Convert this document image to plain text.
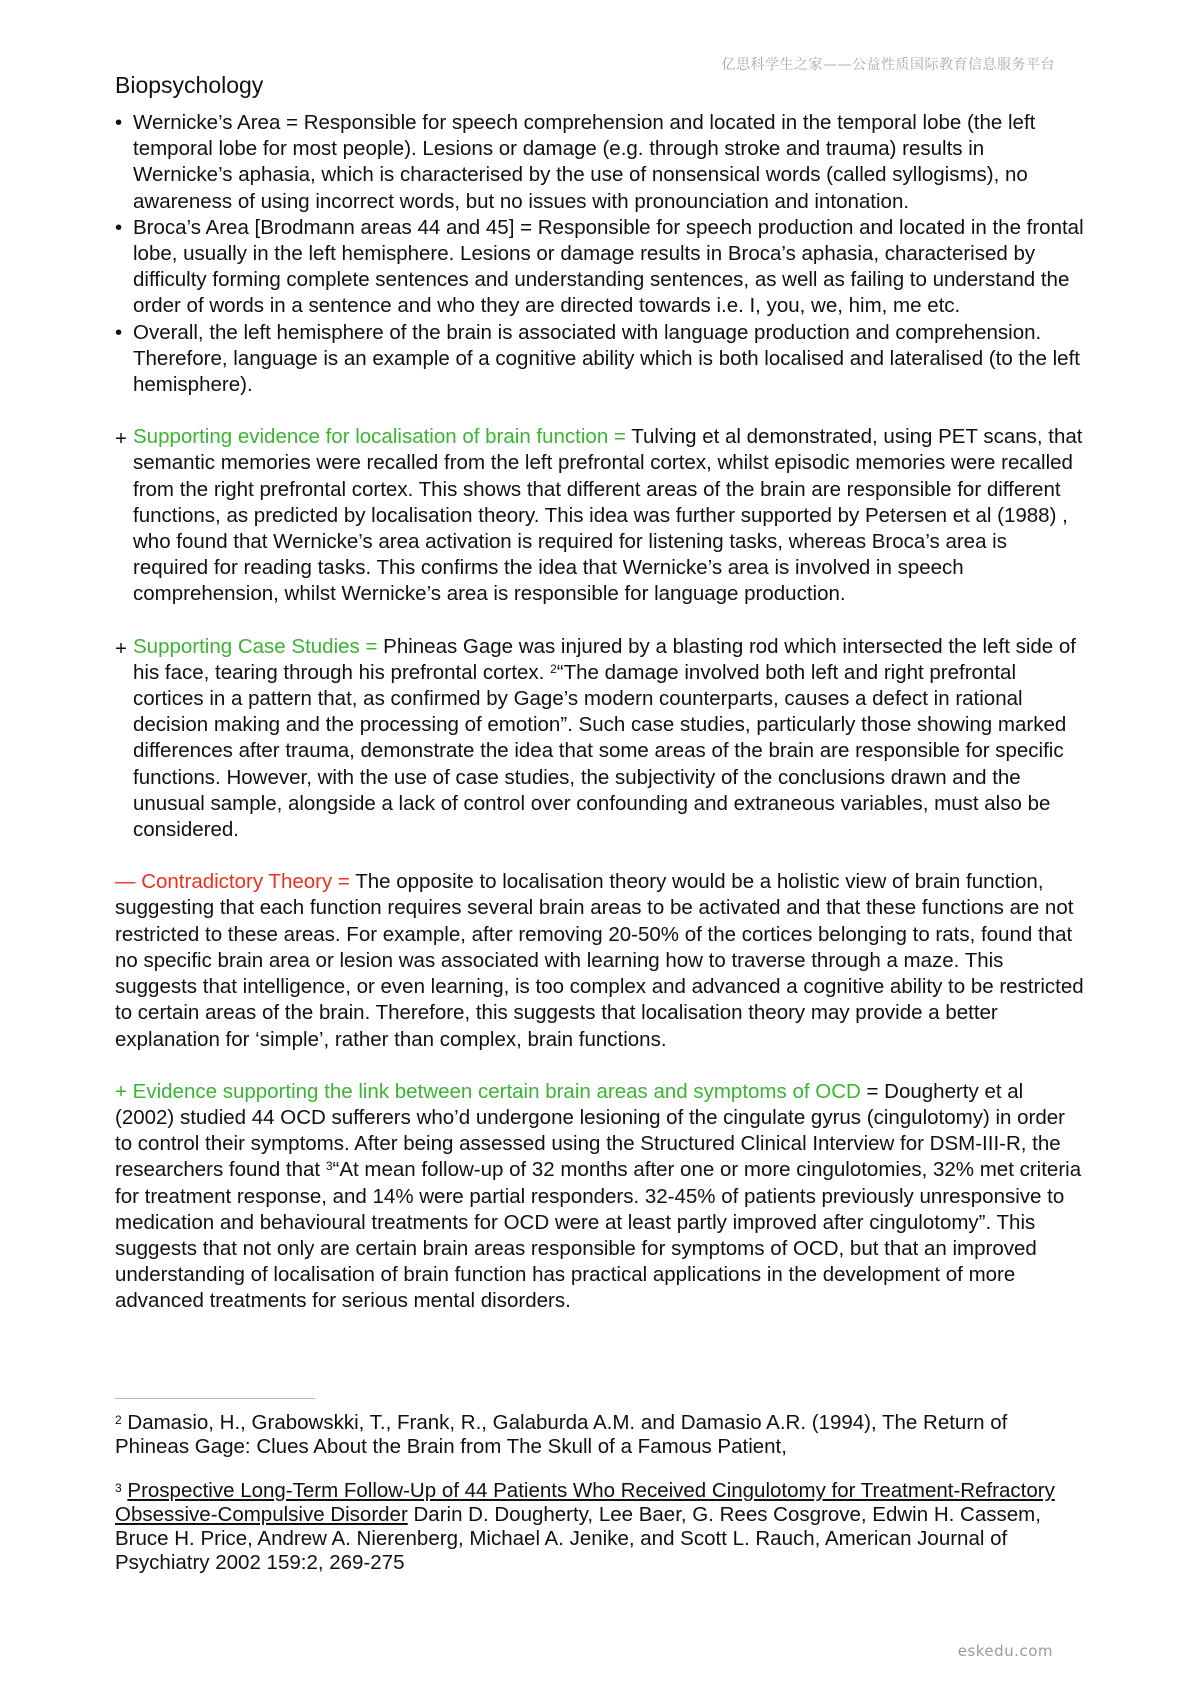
亿思科学生之家——公益性质国际教育信息服务平台
Biopsychology
• Wernicke’s Area = Responsible for speech comprehension and located in the temporal lobe (the left temporal lobe for most people). Lesions or damage (e.g. through stroke and trauma) results in Wernicke’s aphasia, which is characterised by the use of nonsensical words (called syllogisms), no awareness of using incorrect words, but no issues with pronounciation and intonation.
• Broca’s Area [Brodmann areas 44 and 45] = Responsible for speech production and located in the frontal lobe, usually in the left hemisphere. Lesions or damage results in Broca’s aphasia, characterised by difficulty forming complete sentences and understanding sentences, as well as failing to understand the order of words in a sentence and who they are directed towards i.e. I, you, we, him, me etc.
• Overall, the left hemisphere of the brain is associated with language production and comprehension. Therefore, language is an example of a cognitive ability which is both localised and lateralised (to the left hemisphere).
+ Supporting evidence for localisation of brain function = Tulving et al demonstrated, using PET scans, that semantic memories were recalled from the left prefrontal cortex, whilst episodic memories were recalled from the right prefrontal cortex. This shows that different areas of the brain are responsible for different functions, as predicted by localisation theory. This idea was further supported by Petersen et al (1988) , who found that Wernicke’s area activation is required for listening tasks, whereas Broca’s area is required for reading tasks. This confirms the idea that Wernicke’s area is involved in speech comprehension, whilst Wernicke’s area is responsible for language production.
+ Supporting Case Studies = Phineas Gage was injured by a blasting rod which intersected the left side of his face, tearing through his prefrontal cortex. $^2$“The damage involved both left and right prefrontal cortices in a pattern that, as confirmed by Gage’s modern counterparts, causes a defect in rational decision making and the processing of emotion”. Such case studies, particularly those showing marked differences after trauma, demonstrate the idea that some areas of the brain are responsible for specific functions. However, with the use of case studies, the subjectivity of the conclusions drawn and the unusual sample, alongside a lack of control over confounding and extraneous variables, must also be considered.
— Contradictory Theory = The opposite to localisation theory would be a holistic view of brain function, suggesting that each function requires several brain areas to be activated and that these functions are not restricted to these areas. For example, after removing 20-50% of the cortices belonging to rats, found that no specific brain area or lesion was associated with learning how to traverse through a maze. This suggests that intelligence, or even learning, is too complex and advanced a cognitive ability to be restricted to certain areas of the brain. Therefore, this suggests that localisation theory may provide a better explanation for ‘simple’, rather than complex, brain functions.
+ Evidence supporting the link between certain brain areas and symptoms of OCD = Dougherty et al (2002) studied 44 OCD sufferers who’d undergone lesioning of the cingulate gyrus (cingulotomy) in order to control their symptoms. After being assessed using the Structured Clinical Interview for DSM-III-R, the researchers found that $^3$“At mean follow-up of 32 months after one or more cingulotomies, 32% met criteria for treatment response, and 14% were partial responders. 32-45% of patients previously unresponsive to medication and behavioural treatments for OCD were at least partly improved after cingulotomy”. This suggests that not only are certain brain areas responsible for symptoms of OCD, but that an improved understanding of localisation of brain function has practical applications in the development of more advanced treatments for serious mental disorders.

$^2$ Damasio, H., Grabowskki, T., Frank, R., Galaburda A.M. and Damasio A.R. (1994), The Return of Phineas Gage: Clues About the Brain from The Skull of a Famous Patient,

$^3$ Prospective Long-Term Follow-Up of 44 Patients Who Received Cingulotomy for Treatment-Refractory Obsessive-Compulsive Disorder Darin D. Dougherty, Lee Baer, G. Rees Cosgrove, Edwin H. Cassem, Bruce H. Price, Andrew A. Nierenberg, Michael A. Jenike, and Scott L. Rauch, American Journal of Psychiatry 2002 159:2, 269-275

eskedu.com
